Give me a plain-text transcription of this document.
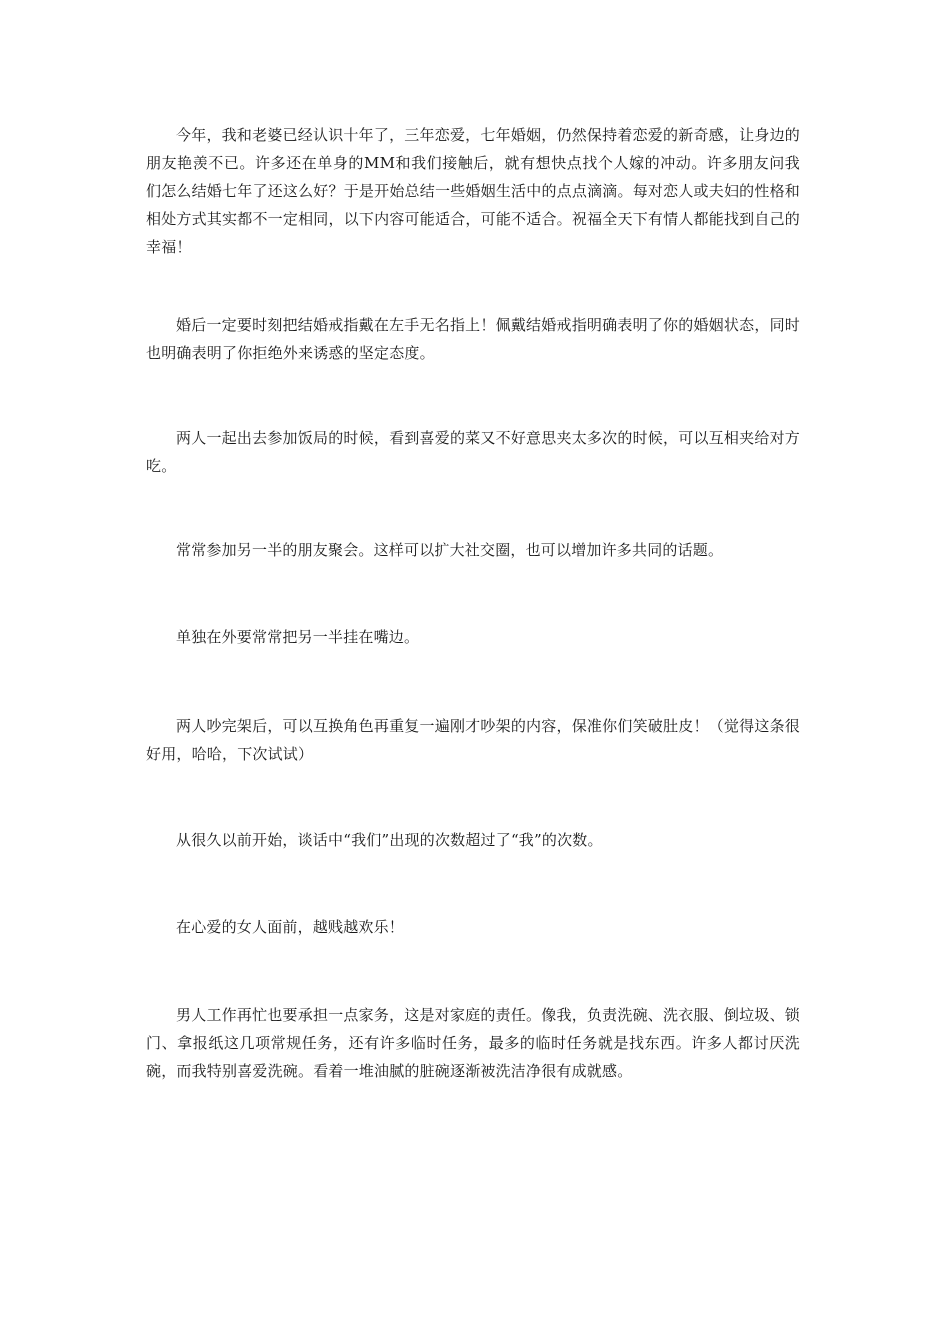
今年，我和老婆已经认识十年了，三年恋爱，七年婚姻，仍然保持着恋爱的新奇感，让身边的朋友艳羡不已。许多还在单身的MM和我们接触后，就有想快点找个人嫁的冲动。许多朋友问我们怎么结婚七年了还这么好？于是开始总结一些婚姻生活中的点点滴滴。每对恋人或夫妇的性格和相处方式其实都不一定相同，以下内容可能适合，可能不适合。祝福全天下有情人都能找到自己的幸福！

婚后一定要时刻把结婚戒指戴在左手无名指上！佩戴结婚戒指明确表明了你的婚姻状态，同时也明确表明了你拒绝外来诱惑的坚定态度。

两人一起出去参加饭局的时候，看到喜爱的菜又不好意思夹太多次的时候，可以互相夹给对方吃。

常常参加另一半的朋友聚会。这样可以扩大社交圈，也可以增加许多共同的话题。

单独在外要常常把另一半挂在嘴边。

两人吵完架后，可以互换角色再重复一遍刚才吵架的内容，保准你们笑破肚皮！（觉得这条很好用，哈哈，下次试试）

从很久以前开始，谈话中“我们”出现的次数超过了“我”的次数。

在心爱的女人面前，越贱越欢乐！

男人工作再忙也要承担一点家务，这是对家庭的责任。像我，负责洗碗、洗衣服、倒垃圾、锁门、拿报纸这几项常规任务，还有许多临时任务，最多的临时任务就是找东西。许多人都讨厌洗碗，而我特别喜爱洗碗。看着一堆油腻的脏碗逐渐被洗洁净很有成就感。
